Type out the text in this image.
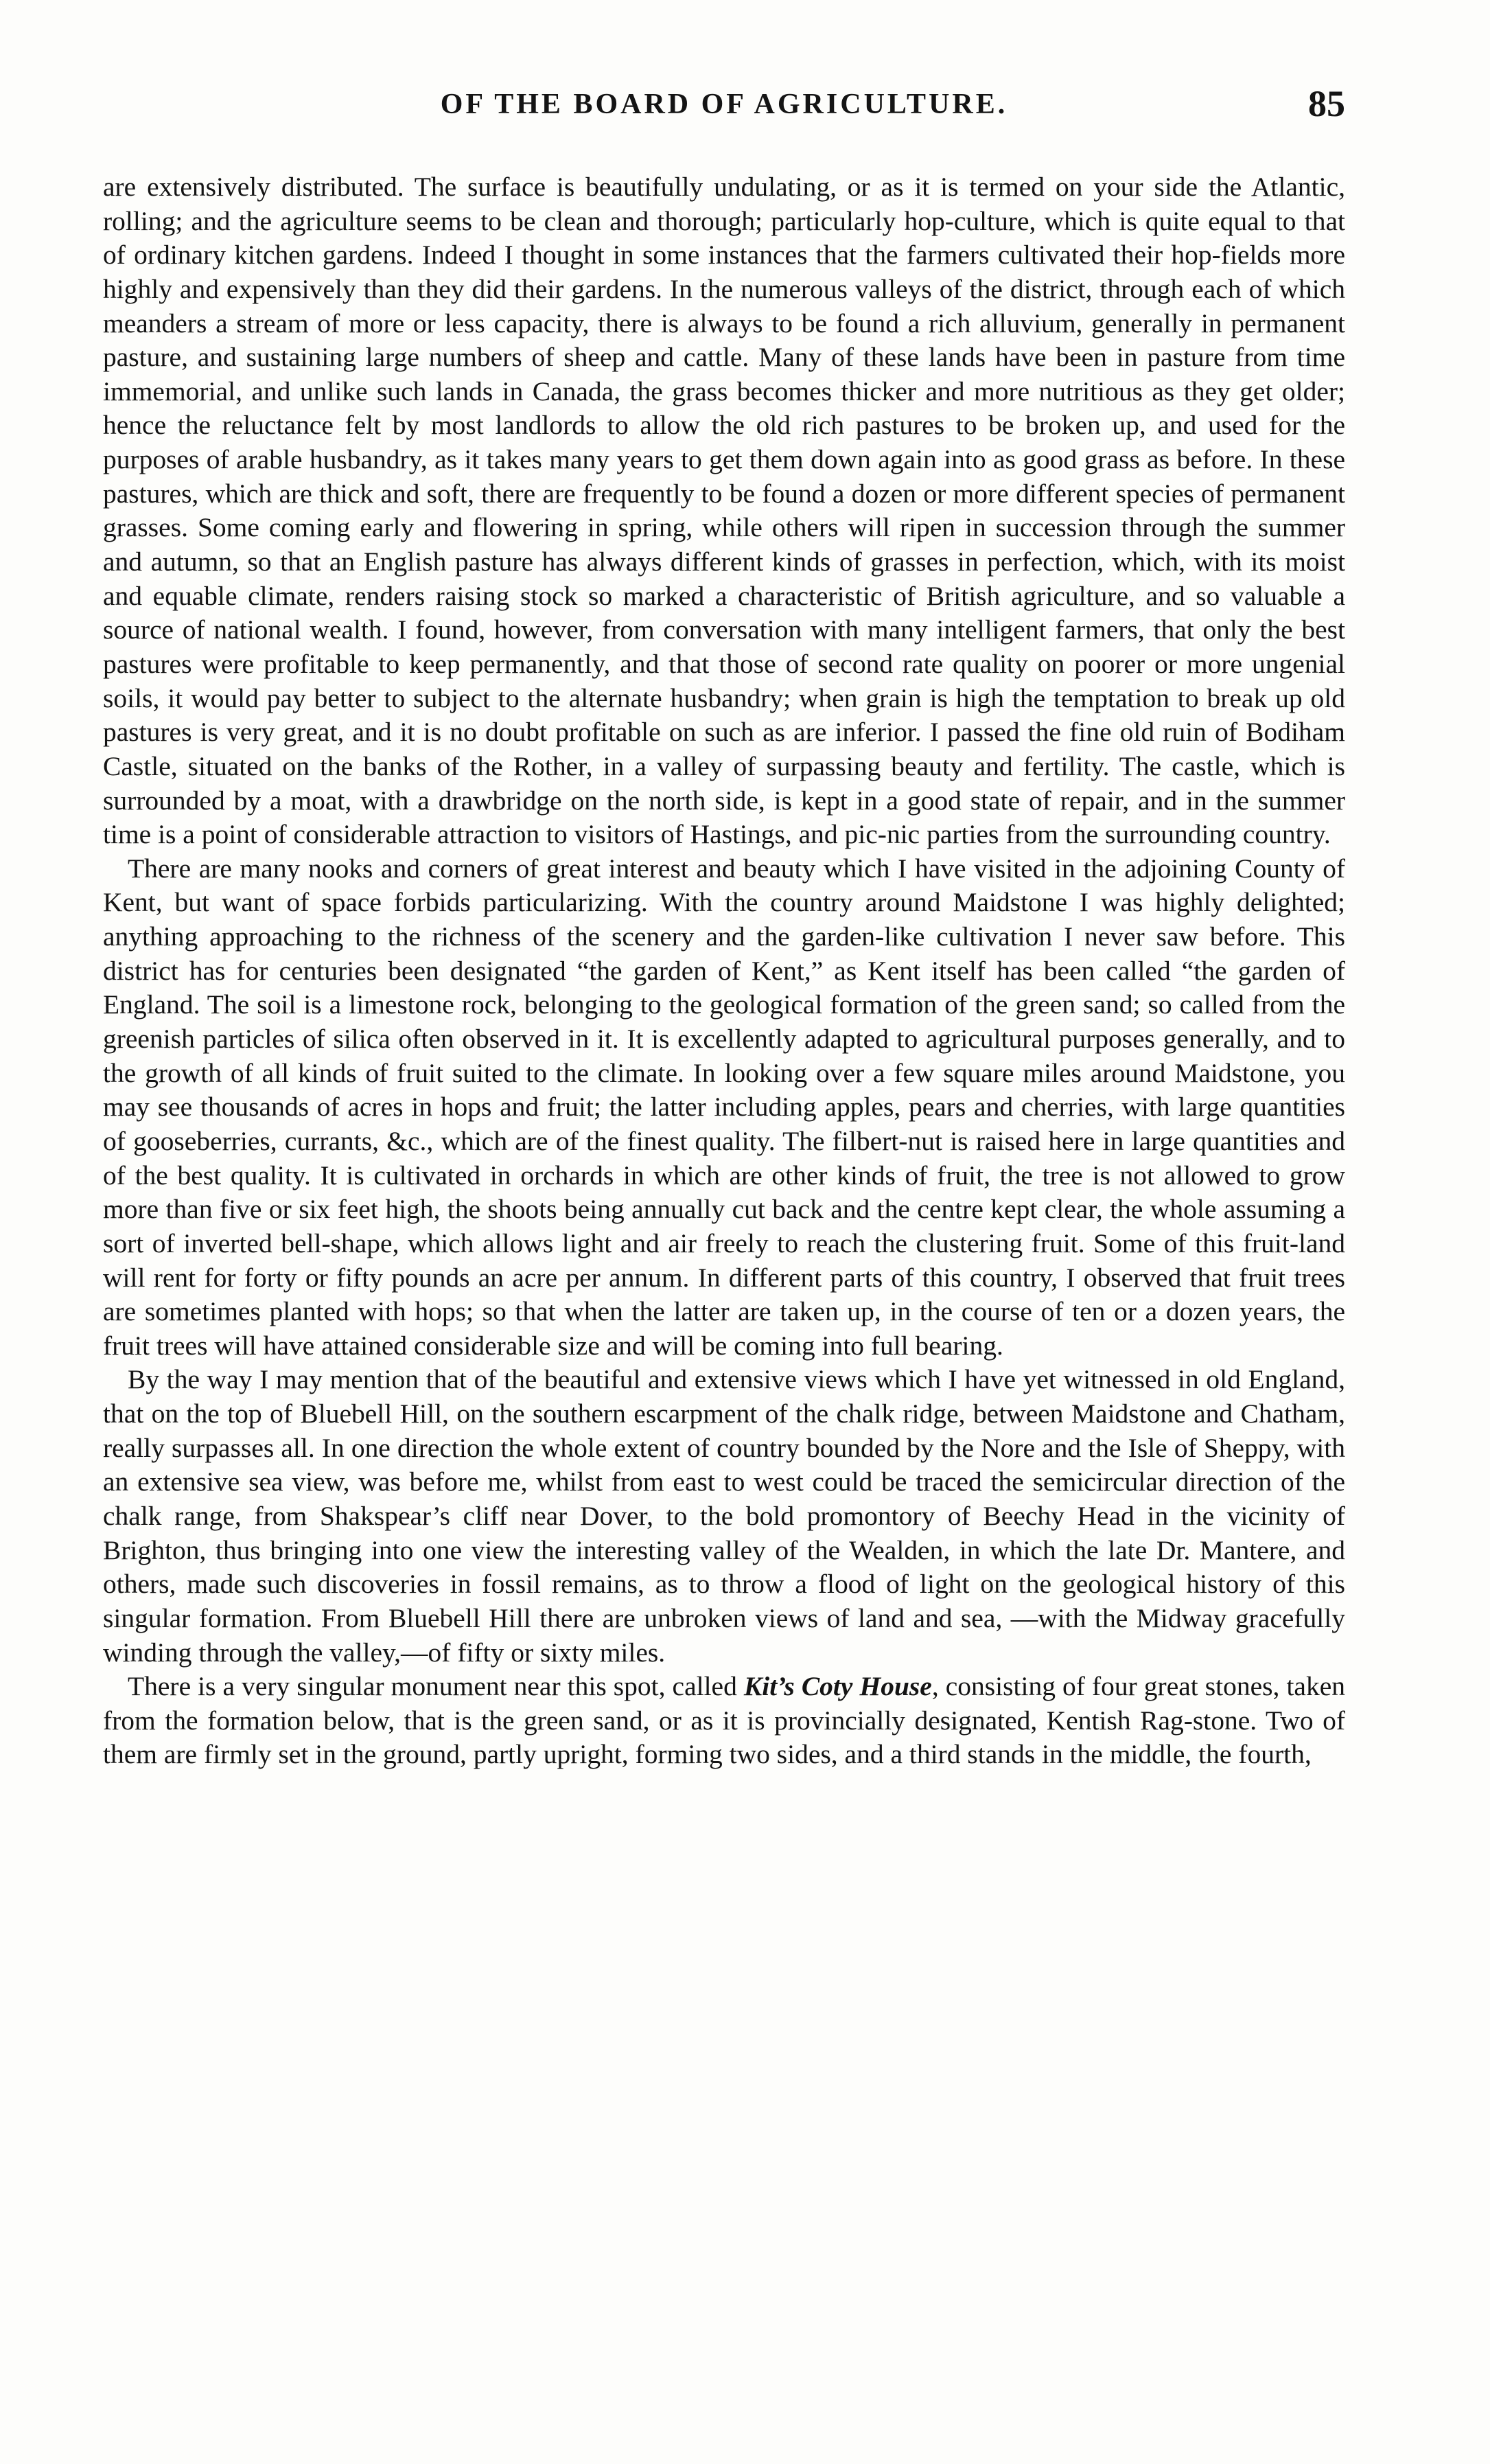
OF THE BOARD OF AGRICULTURE.	85

are extensively distributed. The surface is beautifully undulating, or as it is termed on your side the Atlantic, rolling; and the agriculture seems to be clean and thorough; particularly hop-culture, which is quite equal to that of ordinary kitchen gardens. Indeed I thought in some instances that the farmers cultivated their hop-fields more highly and expensively than they did their gardens. In the numerous valleys of the district, through each of which meanders a stream of more or less capacity, there is always to be found a rich alluvium, generally in permanent pasture, and sustaining large numbers of sheep and cattle. Many of these lands have been in pasture from time immemorial, and unlike such lands in Canada, the grass becomes thicker and more nutritious as they get older; hence the reluctance felt by most landlords to allow the old rich pastures to be broken up, and used for the purposes of arable husbandry, as it takes many years to get them down again into as good grass as before. In these pastures, which are thick and soft, there are frequently to be found a dozen or more different species of permanent grasses. Some coming early and flowering in spring, while others will ripen in succession through the summer and autumn, so that an English pasture has always different kinds of grasses in perfection, which, with its moist and equable climate, renders raising stock so marked a characteristic of British agriculture, and so valuable a source of national wealth. I found, however, from conversation with many intelligent farmers, that only the best pastures were profitable to keep permanently, and that those of second rate quality on poorer or more ungenial soils, it would pay better to subject to the alternate husbandry; when grain is high the temptation to break up old pastures is very great, and it is no doubt profitable on such as are inferior. I passed the fine old ruin of Bodiham Castle, situated on the banks of the Rother, in a valley of surpassing beauty and fertility. The castle, which is surrounded by a moat, with a drawbridge on the north side, is kept in a good state of repair, and in the summer time is a point of considerable attraction to visitors of Hastings, and pic-nic parties from the surrounding country.

There are many nooks and corners of great interest and beauty which I have visited in the adjoining County of Kent, but want of space forbids particularizing. With the country around Maidstone I was highly delighted; anything approaching to the richness of the scenery and the garden-like cultivation I never saw before. This district has for centuries been designated “the garden of Kent,” as Kent itself has been called “the garden of England. The soil is a limestone rock, belonging to the geological formation of the green sand; so called from the greenish particles of silica often observed in it. It is excellently adapted to agricultural purposes generally, and to the growth of all kinds of fruit suited to the climate. In looking over a few square miles around Maidstone, you may see thousands of acres in hops and fruit; the latter including apples, pears and cherries, with large quantities of gooseberries, currants, &c., which are of the finest quality. The filbert-nut is raised here in large quantities and of the best quality. It is cultivated in orchards in which are other kinds of fruit, the tree is not allowed to grow more than five or six feet high, the shoots being annually cut back and the centre kept clear, the whole assuming a sort of inverted bell-shape, which allows light and air freely to reach the clustering fruit. Some of this fruit-land will rent for forty or fifty pounds an acre per annum. In different parts of this country, I observed that fruit trees are sometimes planted with hops; so that when the latter are taken up, in the course of ten or a dozen years, the fruit trees will have attained considerable size and will be coming into full bearing.

By the way I may mention that of the beautiful and extensive views which I have yet witnessed in old England, that on the top of Bluebell Hill, on the southern escarpment of the chalk ridge, between Maidstone and Chatham, really surpasses all. In one direction the whole extent of country bounded by the Nore and the Isle of Sheppy, with an extensive sea view, was before me, whilst from east to west could be traced the semicircular direction of the chalk range, from Shakspear’s cliff near Dover, to the bold promontory of Beechy Head in the vicinity of Brighton, thus bringing into one view the interesting valley of the Wealden, in which the late Dr. Mantere, and others, made such discoveries in fossil remains, as to throw a flood of light on the geological history of this singular formation. From Bluebell Hill there are unbroken views of land and sea, —with the Midway gracefully winding through the valley,—of fifty or sixty miles.

There is a very singular monument near this spot, called Kit’s Coty House, consisting of four great stones, taken from the formation below, that is the green sand, or as it is provincially designated, Kentish Rag-stone. Two of them are firmly set in the ground, partly upright, forming two sides, and a third stands in the middle, the fourth,
